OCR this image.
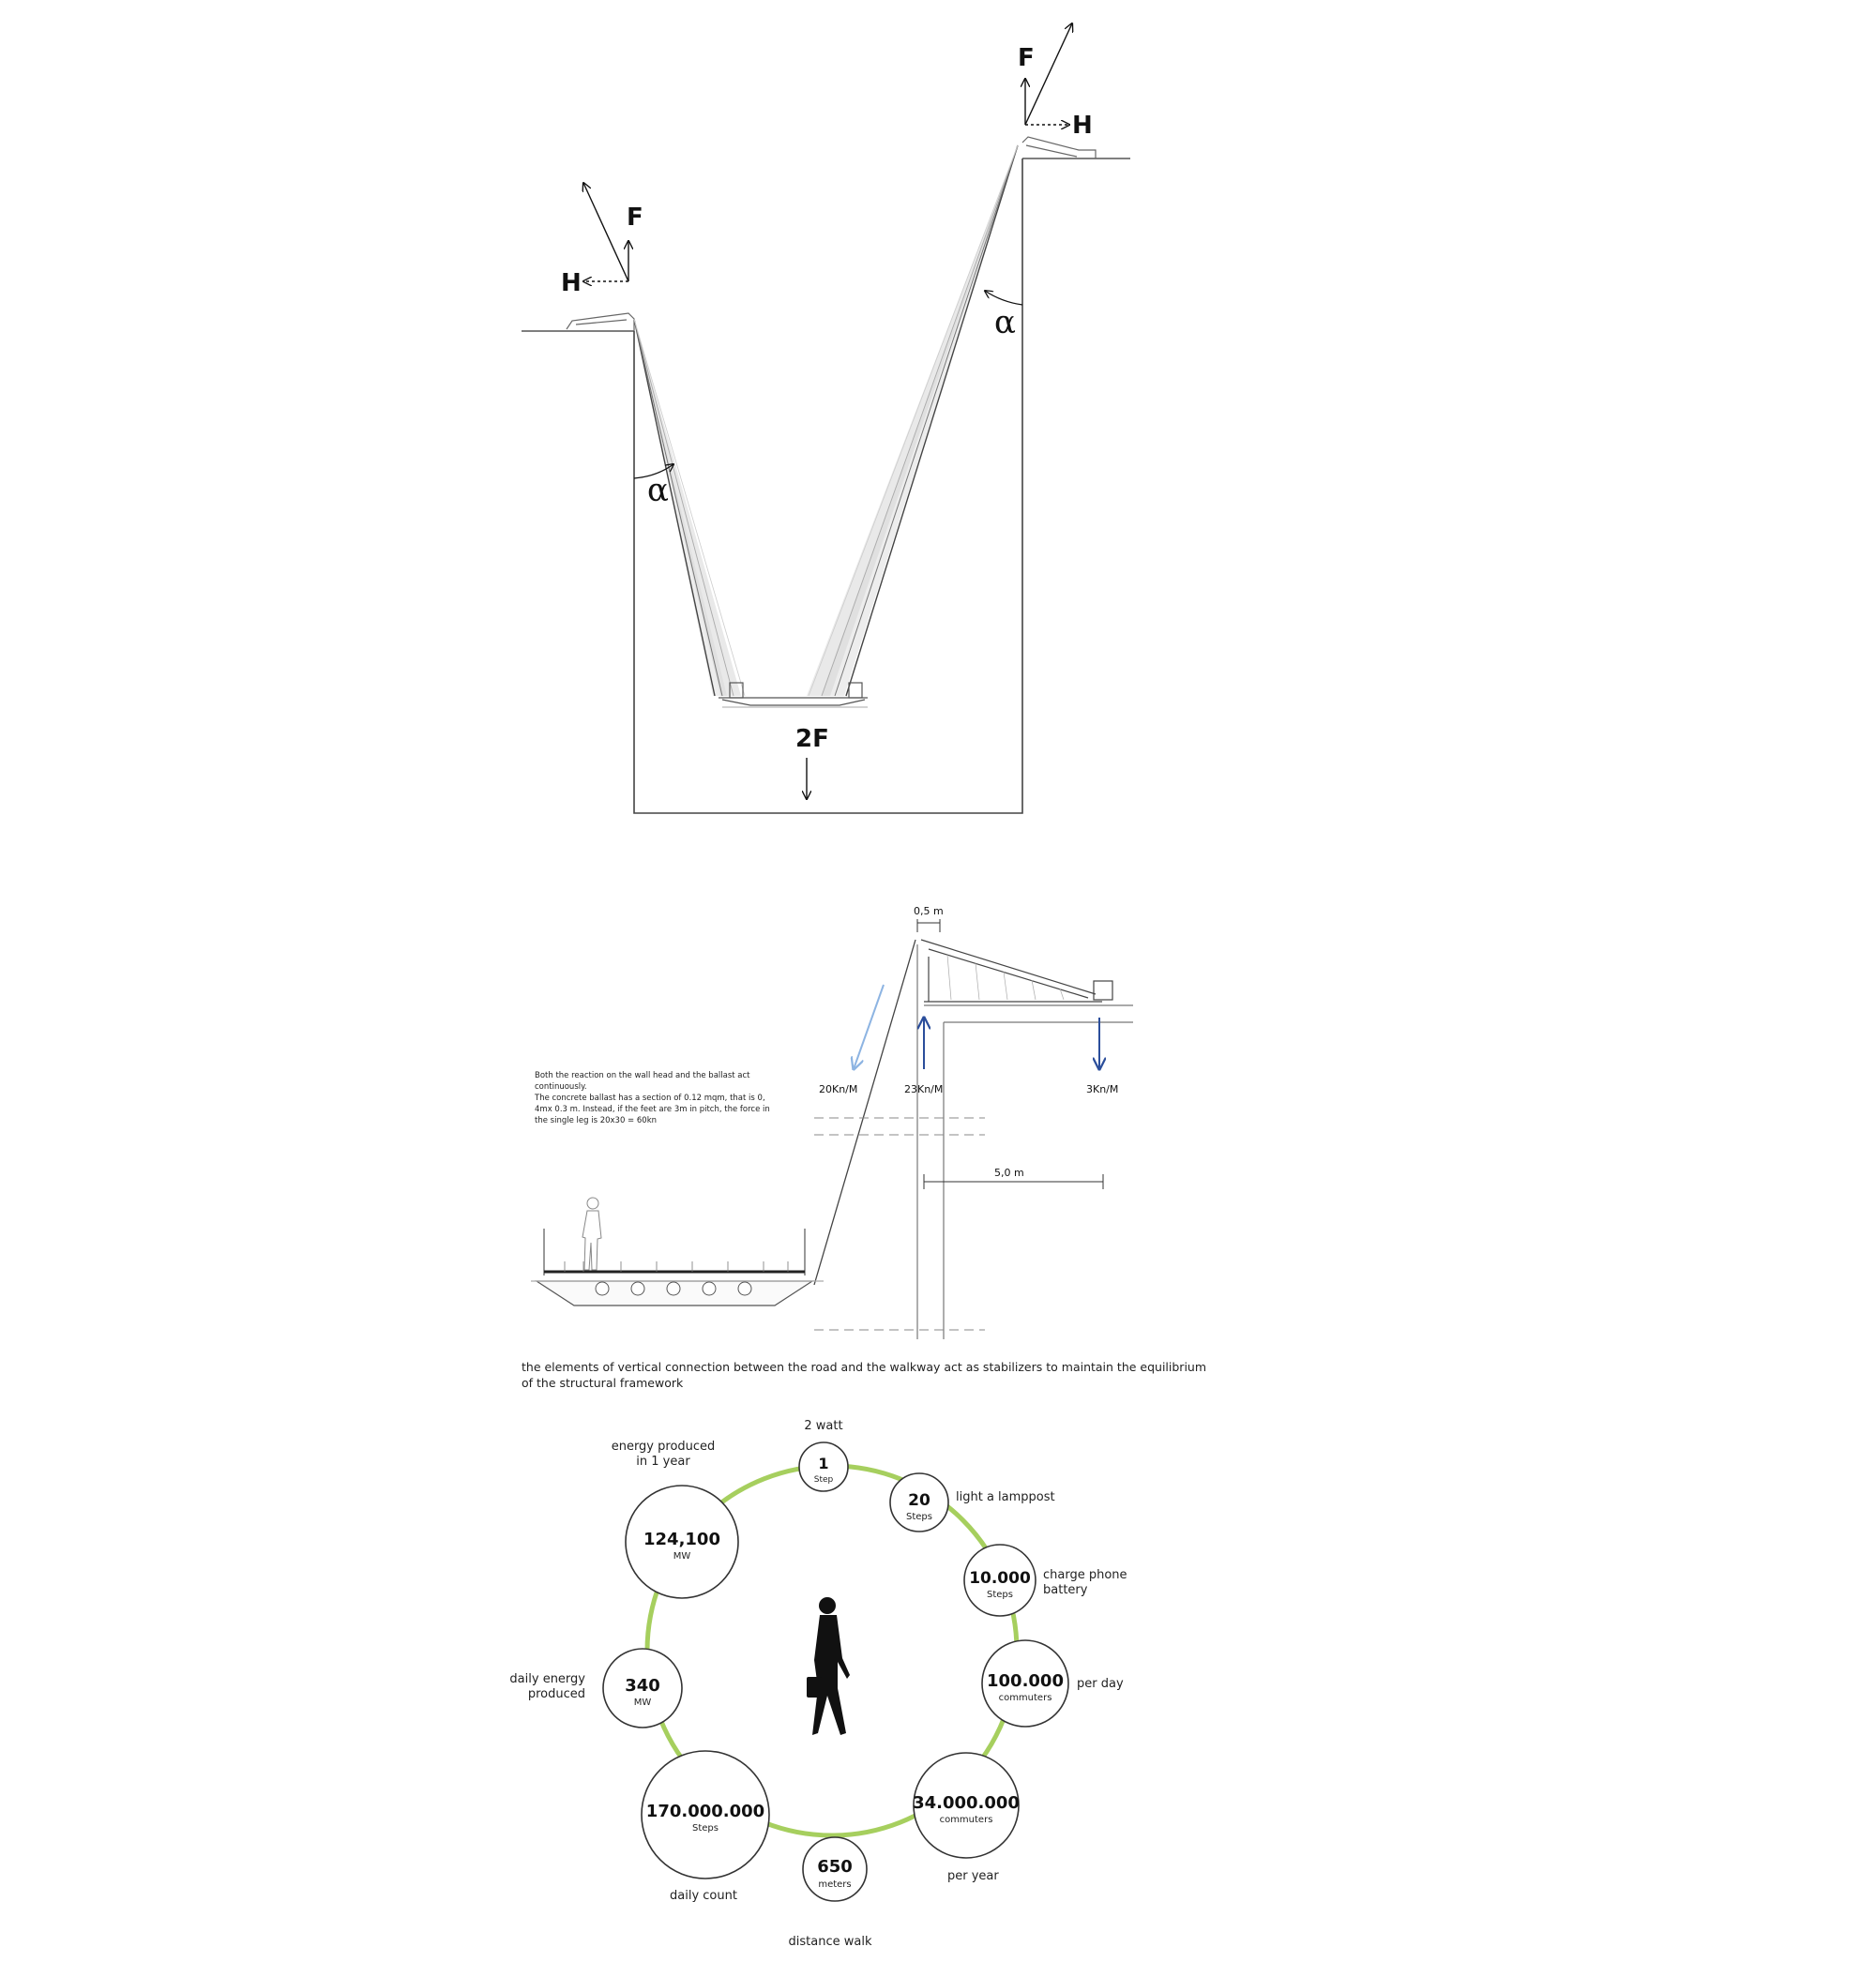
α
α
F
H
F
H
2F
0,5 m
20Kn/M	23Kn/M	3Kn/M
5,0 m
Both the reaction on the wall head and the ballast act
continuously.
The concrete ballast has a section of 0.12 mqm, that is 0,
4mx 0.3 m. Instead, if the feet are 3m in pitch, the force in
the single leg is 20x30 = 60kn
the elements of vertical connection between the road and the walkway act as stabilizers to maintain the equilibrium
of the structural framework
1
Step
2 watt
20
Steps
light a lamppost
10.000
Steps
charge phone
battery
100.000
commuters
per day
34.000.000
commuters
per year
650
meters
distance walk
170.000.000
Steps
daily count
340
MW
daily energy
produced
124,100
MW
energy produced
in 1 year
